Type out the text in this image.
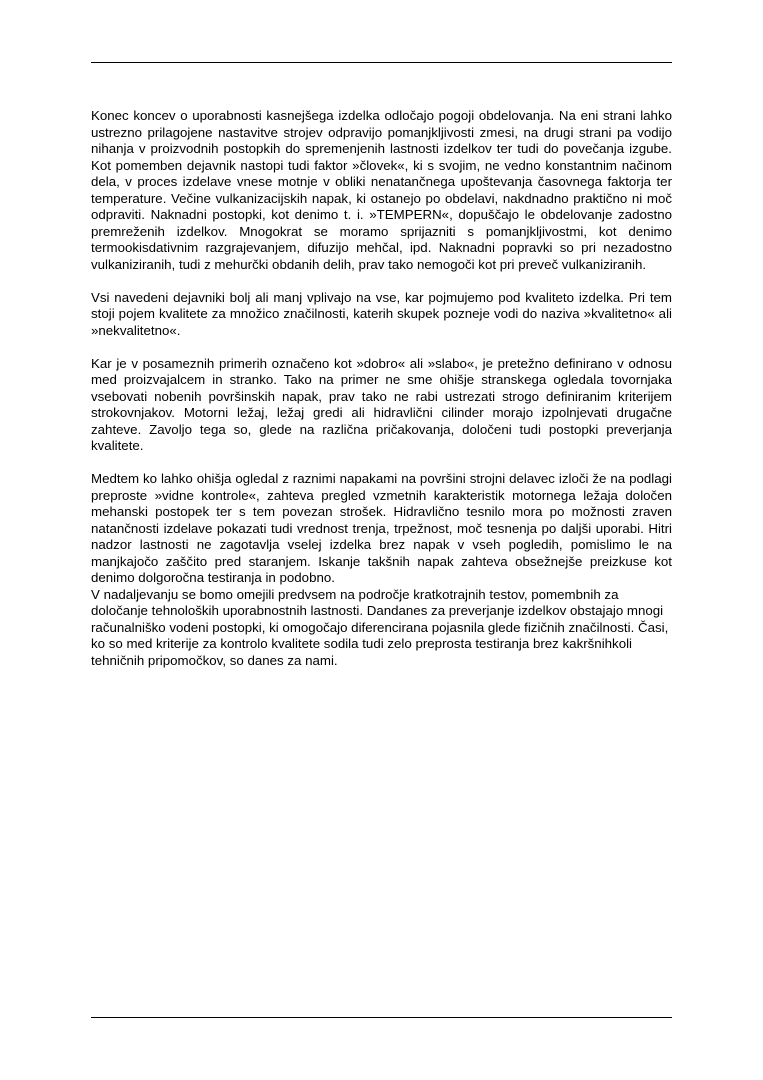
Konec koncev o uporabnosti kasnejšega izdelka odločajo pogoji obdelovanja. Na eni strani lahko ustrezno prilagojene nastavitve strojev odpravijo pomanjkljivosti zmesi, na drugi strani pa vodijo nihanja v proizvodnih postopkih do spremenjenih lastnosti izdelkov ter tudi do povečanja izgube. Kot pomemben dejavnik nastopi tudi faktor »človek«, ki s svojim, ne vedno konstantnim načinom dela, v proces izdelave vnese motnje v obliki nenatančnega upoštevanja časovnega faktorja ter temperature. Večine vulkanizacijskih napak, ki ostanejo po obdelavi, nakdnadno praktično ni moč odpraviti. Naknadni postopki, kot denimo t. i. »TEMPERN«, dopuščajo le obdelovanje zadostno premreženih izdelkov. Mnogokrat se moramo sprijazniti s pomanjkljivostmi, kot denimo termookisdativnim razgrajevanjem, difuzijo mehčal, ipd. Naknadni popravki so pri nezadostno vulkaniziranih, tudi z mehurčki obdanih delih, prav tako nemogoči kot pri preveč vulkaniziranih.

Vsi navedeni dejavniki bolj ali manj vplivajo na vse, kar pojmujemo pod kvaliteto izdelka. Pri tem stoji pojem kvalitete za množico značilnosti, katerih skupek pozneje vodi do naziva »kvalitetno« ali »nekvalitetno«.

Kar je v posameznih primerih označeno kot »dobro« ali »slabo«, je pretežno definirano v odnosu med proizvajalcem in stranko. Tako na primer ne sme ohišje stranskega ogledala tovornjaka vsebovati nobenih površinskih napak, prav tako ne rabi ustrezati strogo definiranim kriterijem strokovnjakov. Motorni ležaj, ležaj gredi ali hidravlični cilinder morajo izpolnjevati drugačne zahteve. Zavoljo tega so, glede na različna pričakovanja, določeni tudi postopki preverjanja kvalitete.

Medtem ko lahko ohišja ogledal z raznimi napakami na površini strojni delavec izloči že na podlagi preproste »vidne kontrole«, zahteva pregled vzmetnih karakteristik motornega ležaja določen mehanski postopek ter s tem povezan strošek. Hidravlično tesnilo mora po možnosti zraven natančnosti izdelave pokazati tudi vrednost trenja, trpežnost, moč tesnenja po daljši uporabi. Hitri nadzor lastnosti ne zagotavlja vselej izdelka brez napak v vseh pogledih, pomislimo le na manjkajočo zaščito pred staranjem. Iskanje takšnih napak zahteva obsežnejše preizkuse kot denimo dolgoročna testiranja in podobno.

V nadaljevanju se bomo omejili predvsem na področje kratkotrajnih testov, pomembnih za določanje tehnoloških uporabnostnih lastnosti. Dandanes za preverjanje izdelkov obstajajo mnogi računalniško vodeni postopki, ki omogočajo diferencirana pojasnila glede fizičnih značilnosti. Časi, ko so med kriterije za kontrolo kvalitete sodila tudi zelo preprosta testiranja brez kakršnihkoli tehničnih pripomočkov, so danes za nami.
